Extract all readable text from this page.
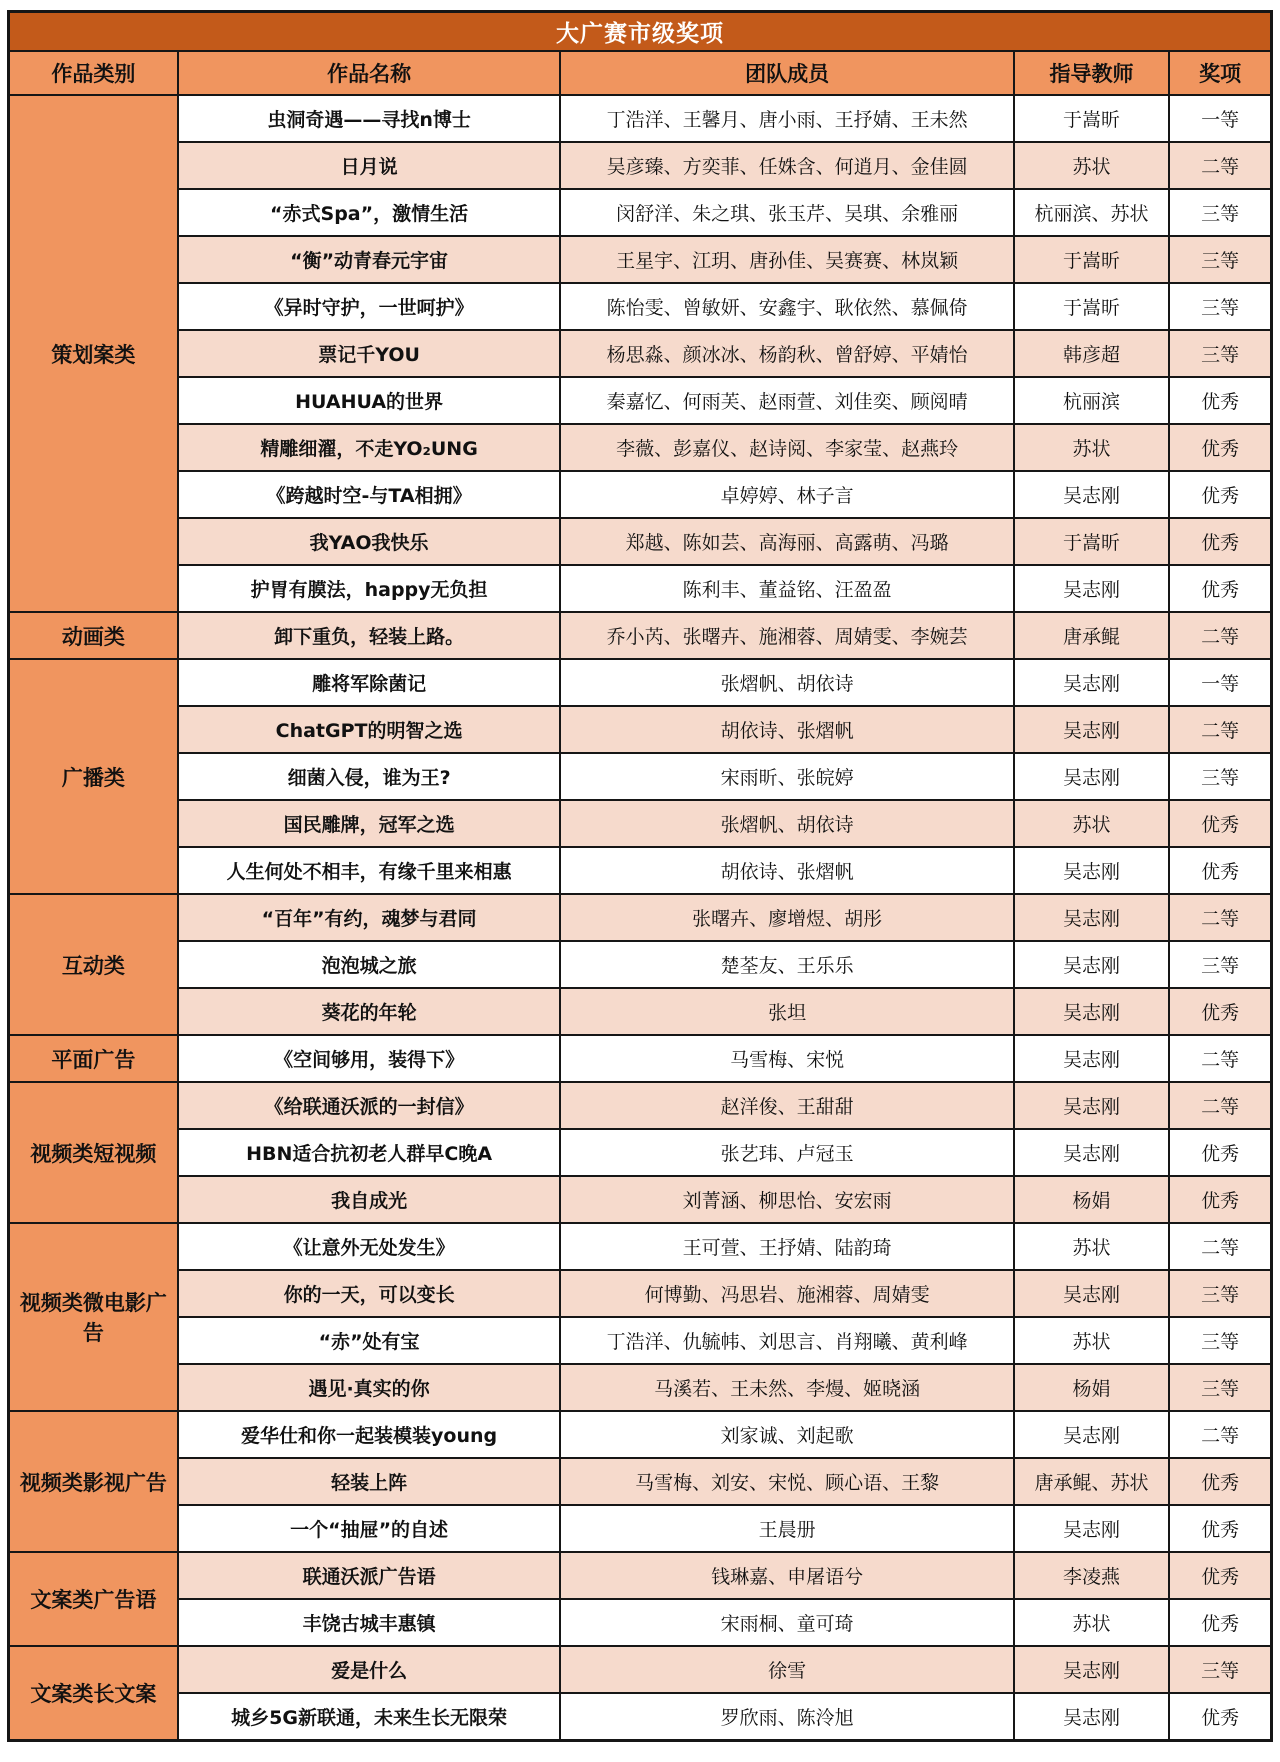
大广赛市级奖项				
作品类别	作品名称	团队成员	指导教师	奖项
策划案类	虫洞奇遇——寻找n博士	丁浩洋、王馨月、唐小雨、王抒婧、王未然	于嵩昕	一等
	日月说	吴彦臻、方奕菲、任姝含、何逍月、金佳圆	苏状	二等
	“赤式Spa”，激情生活	闵舒洋、朱之琪、张玉芹、吴琪、余雅丽	杭丽滨、苏状	三等
	“衡”动青春元宇宙	王星宇、江玥、唐孙佳、吴赛赛、林岚颖	于嵩昕	三等
	《异时守护，一世呵护》	陈怡雯、曾敏妍、安鑫宇、耿依然、慕佩倚	于嵩昕	三等
	票记千YOU	杨思淼、颜冰冰、杨韵秋、曾舒婷、平婧怡	韩彦超	三等
	HUAHUA的世界	秦嘉忆、何雨芙、赵雨萱、刘佳奕、顾阅晴	杭丽滨	优秀
	精雕细濯，不走YO₂UNG	李薇、彭嘉仪、赵诗阅、李家莹、赵燕玲	苏状	优秀
	《跨越时空-与TA相拥》	卓婷婷、林子言	吴志刚	优秀
	我YAO我快乐	郑越、陈如芸、高海丽、高露萌、冯璐	于嵩昕	优秀
	护胃有膜法，happy无负担	陈利丰、董益铭、汪盈盈	吴志刚	优秀
动画类	卸下重负，轻装上路。	乔小芮、张曙卉、施湘蓉、周婧雯、李婉芸	唐承鲲	二等
广播类	雕将军除菌记	张熠帆、胡依诗	吴志刚	一等
	ChatGPT的明智之选	胡依诗、张熠帆	吴志刚	二等
	细菌入侵，谁为王?	宋雨昕、张皖婷	吴志刚	三等
	国民雕牌，冠军之选	张熠帆、胡依诗	苏状	优秀
	人生何处不相丰，有缘千里来相惠	胡依诗、张熠帆	吴志刚	优秀
互动类	“百年”有约，魂梦与君同	张曙卉、廖增煜、胡彤	吴志刚	二等
	泡泡城之旅	楚荃友、王乐乐	吴志刚	三等
	葵花的年轮	张坦	吴志刚	优秀
平面广告	《空间够用，装得下》	马雪梅、宋悦	吴志刚	二等
视频类短视频	《给联通沃派的一封信》	赵洋俊、王甜甜	吴志刚	二等
	HBN适合抗初老人群早C晚A	张艺玮、卢冠玉	吴志刚	优秀
	我自成光	刘菁涵、柳思怡、安宏雨	杨娟	优秀
视频类微电影广告	《让意外无处发生》	王可萱、王抒婧、陆韵琦	苏状	二等
	你的一天，可以变长	何博勤、冯思岩、施湘蓉、周婧雯	吴志刚	三等
	“赤”处有宝	丁浩洋、仇毓帏、刘思言、肖翔曦、黄利峰	苏状	三等
	遇见·真实的你	马溪若、王未然、李熳、姬晓涵	杨娟	三等
视频类影视广告	爱华仕和你一起装模装young	刘家诚、刘起歌	吴志刚	二等
	轻装上阵	马雪梅、刘安、宋悦、顾心语、王黎	唐承鲲、苏状	优秀
	一个“抽屉”的自述	王晨册	吴志刚	优秀
文案类广告语	联通沃派广告语	钱琳嘉、申屠语兮	李凌燕	优秀
	丰饶古城丰惠镇	宋雨桐、童可琦	苏状	优秀
文案类长文案	爱是什么	徐雪	吴志刚	三等
	城乡5G新联通，未来生长无限荣	罗欣雨、陈泠旭	吴志刚	优秀
